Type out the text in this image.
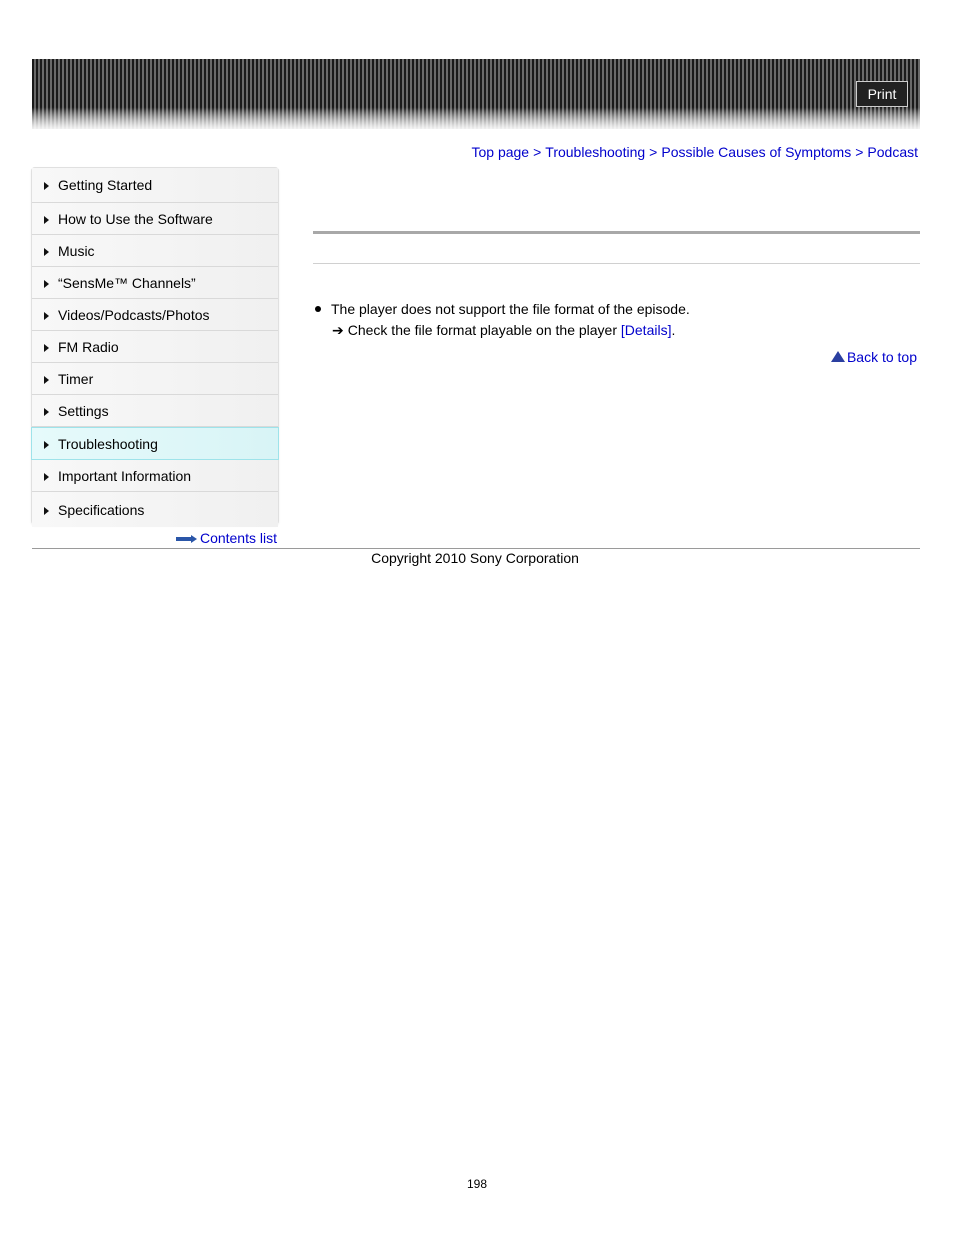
Print
Top page > Troubleshooting > Possible Causes of Symptoms > Podcast
Getting Started
How to Use the Software
Music
“SensMe™ Channels”
Videos/Podcasts/Photos
FM Radio
Timer
Settings
Troubleshooting
Important Information
Specifications
Contents list
The player does not support the file format of the episode.
➔ Check the file format playable on the player [Details].
Back to top
Copyright 2010 Sony Corporation
198
